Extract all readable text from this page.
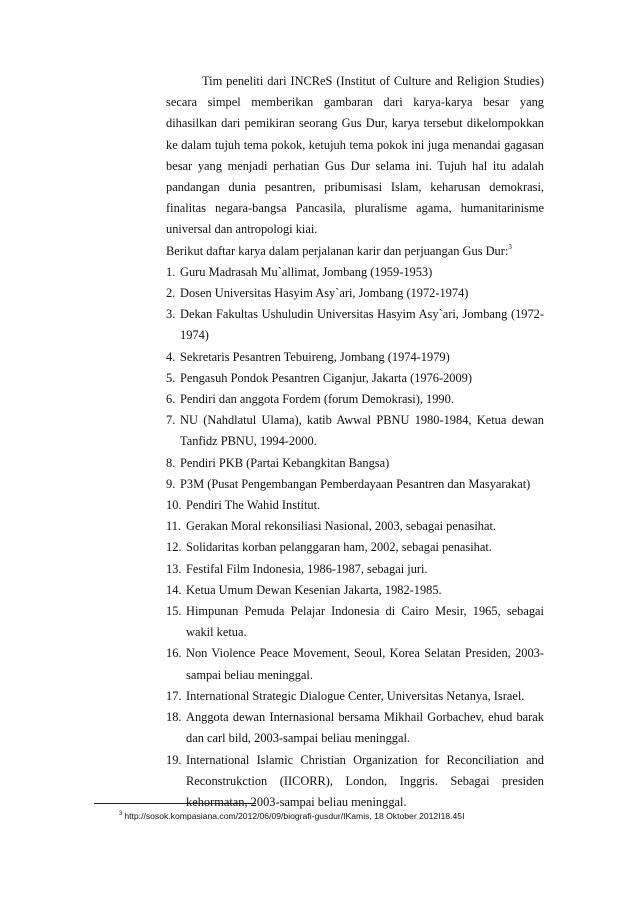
Tim peneliti dari INCReS (Institut of Culture and Religion Studies) secara simpel memberikan gambaran dari karya-karya besar yang dihasilkan dari pemikiran seorang Gus Dur, karya tersebut dikelompokkan ke dalam tujuh tema pokok, ketujuh tema pokok ini juga menandai gagasan besar yang menjadi perhatian Gus Dur selama ini. Tujuh hal itu adalah pandangan dunia pesantren, pribumisasi Islam, keharusan demokrasi, finalitas negara-bangsa Pancasila, pluralisme agama, humanitarinisme universal dan antropologi kiai.

Berikut daftar karya dalam perjalanan karir dan perjuangan Gus Dur:$^3$

1. Guru Madrasah Mu`allimat, Jombang (1959-1953)
2. Dosen Universitas Hasyim Asy`ari, Jombang (1972-1974)
3. Dekan Fakultas Ushuludin Universitas Hasyim Asy`ari, Jombang (1972-1974)
4. Sekretaris Pesantren Tebuireng, Jombang (1974-1979)
5. Pengasuh Pondok Pesantren Ciganjur, Jakarta (1976-2009)
6. Pendiri dan anggota Fordem (forum Demokrasi), 1990.
7. NU (Nahdlatul Ulama), katib Awwal PBNU 1980-1984, Ketua dewan Tanfidz PBNU, 1994-2000.
8. Pendiri PKB (Partai Kebangkitan Bangsa)
9. P3M (Pusat Pengembangan Pemberdayaan Pesantren dan Masyarakat)
10. Pendiri The Wahid Institut.
11. Gerakan Moral rekonsiliasi Nasional, 2003, sebagai penasihat.
12. Solidaritas korban pelanggaran ham, 2002, sebagai penasihat.
13. Festifal Film Indonesia, 1986-1987, sebagai juri.
14. Ketua Umum Dewan Kesenian Jakarta, 1982-1985.
15. Himpunan Pemuda Pelajar Indonesia di Cairo Mesir, 1965, sebagai wakil ketua.
16. Non Violence Peace Movement, Seoul, Korea Selatan Presiden, 2003-sampai beliau meninggal.
17. International Strategic Dialogue Center, Universitas Netanya, Israel.
18. Anggota dewan Internasional bersama Mikhail Gorbachev, ehud barak dan carl bild, 2003-sampai beliau meninggal.
19. International Islamic Christian Organization for Reconciliation and Reconstrukction (IICORR), London, Inggris. Sebagai presiden kehormatan, 2003-sampai beliau meninggal.
$^3$ http://sosok.kompasiana.com/2012/06/09/biografi-gusdur/IKamis, 18 Oktober 2012I18.45I
